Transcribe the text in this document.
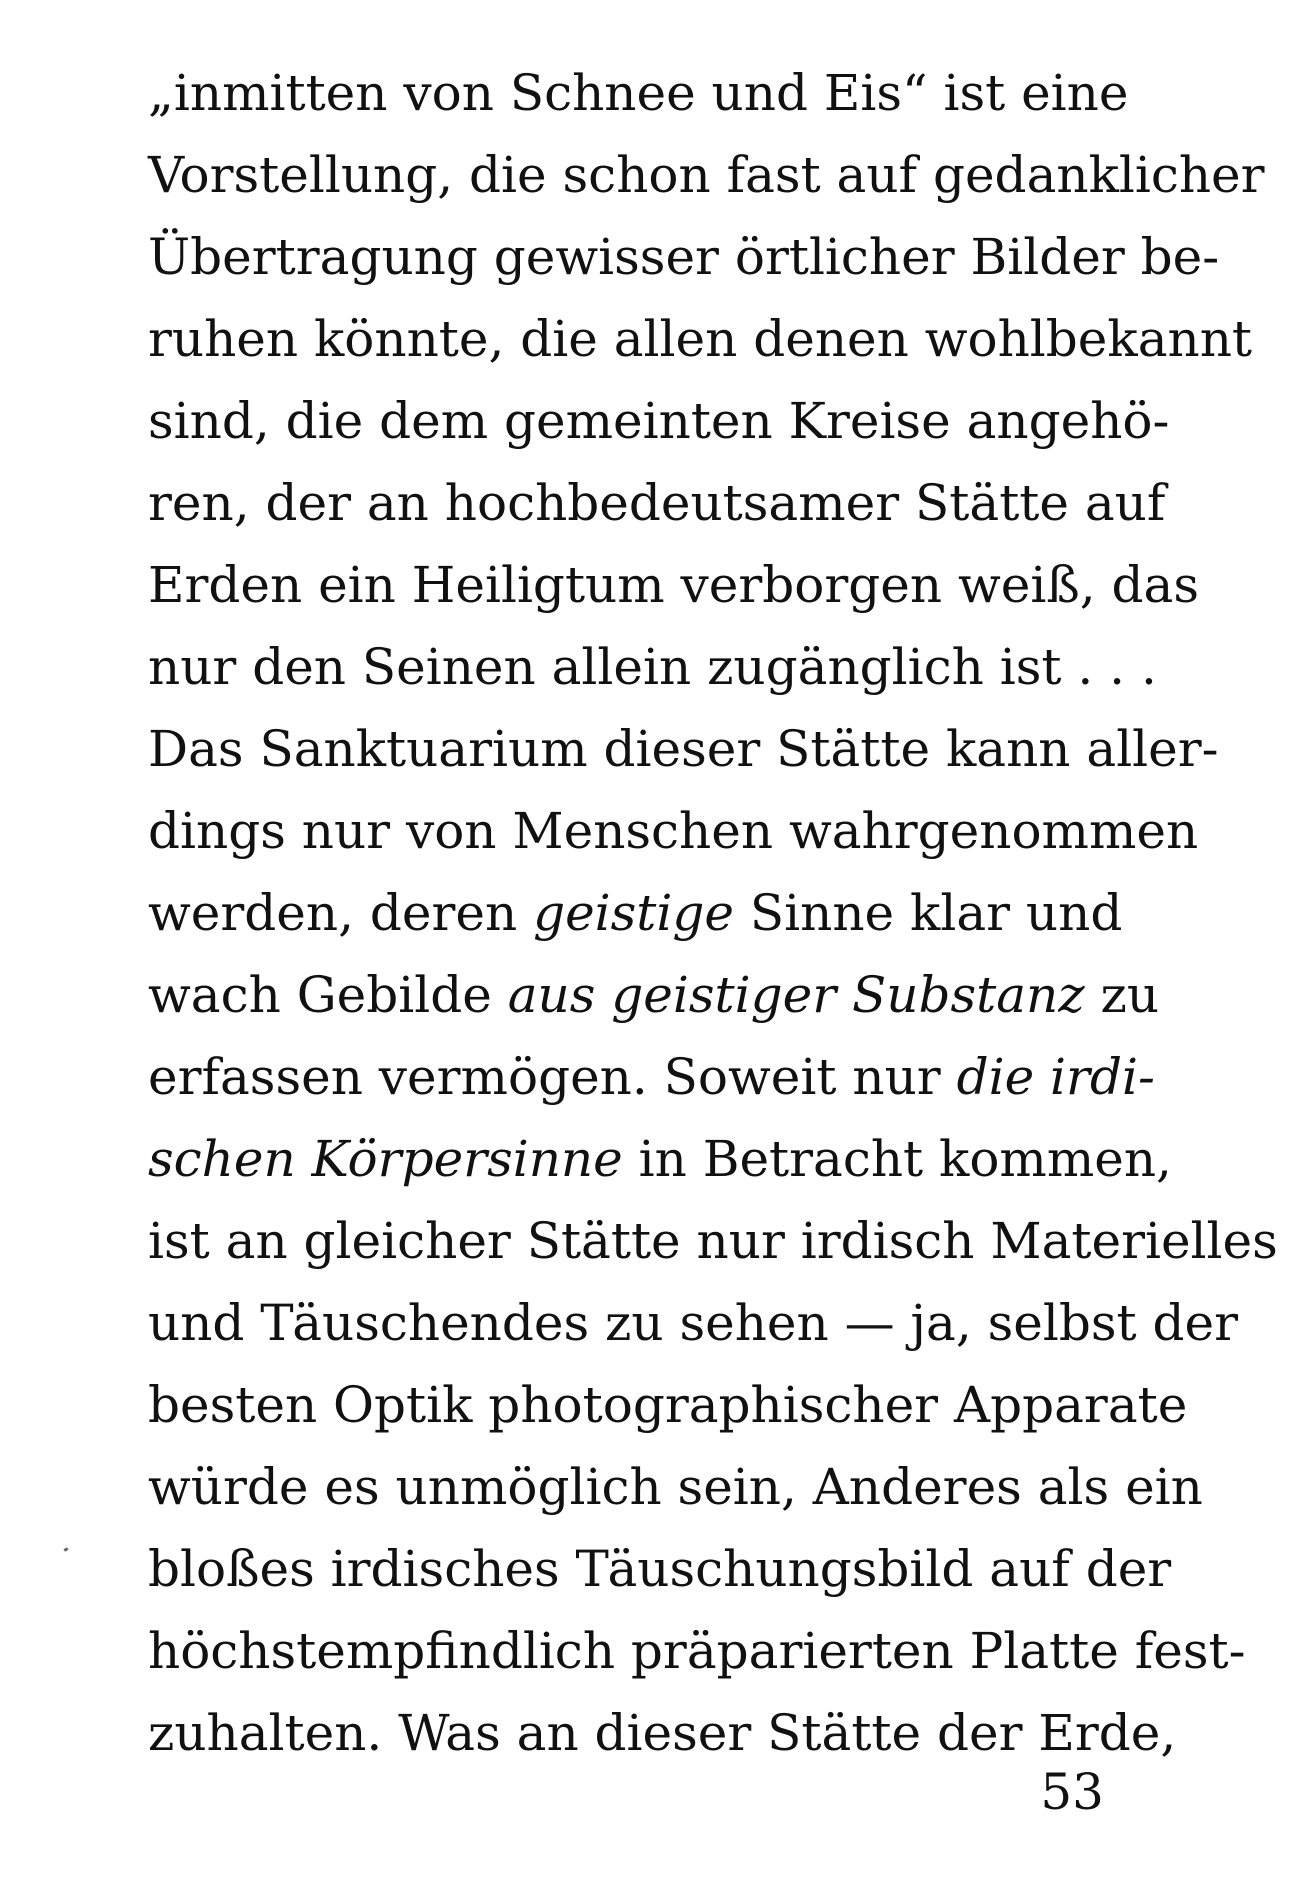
„inmitten von Schnee und Eis“ ist eine
Vorstellung, die schon fast auf gedanklicher
Übertragung gewisser örtlicher Bilder be-
ruhen könnte, die allen denen wohlbekannt
sind, die dem gemeinten Kreise angehö-
ren, der an hochbedeutsamer Stätte auf
Erden ein Heiligtum verborgen weiß, das
nur den Seinen allein zugänglich ist . . .
Das Sanktuarium dieser Stätte kann aller-
dings nur von Menschen wahrgenommen
werden, deren geistige Sinne klar und
wach Gebilde aus geistiger Substanz zu
erfassen vermögen. Soweit nur die irdi-
schen Körpersinne in Betracht kommen,
ist an gleicher Stätte nur irdisch Materielles
und Täuschendes zu sehen — ja, selbst der
besten Optik photographischer Apparate
würde es unmöglich sein, Anderes als ein
bloßes irdisches Täuschungsbild auf der
höchstempfindlich präparierten Platte fest-
zuhalten. Was an dieser Stätte der Erde,
53
